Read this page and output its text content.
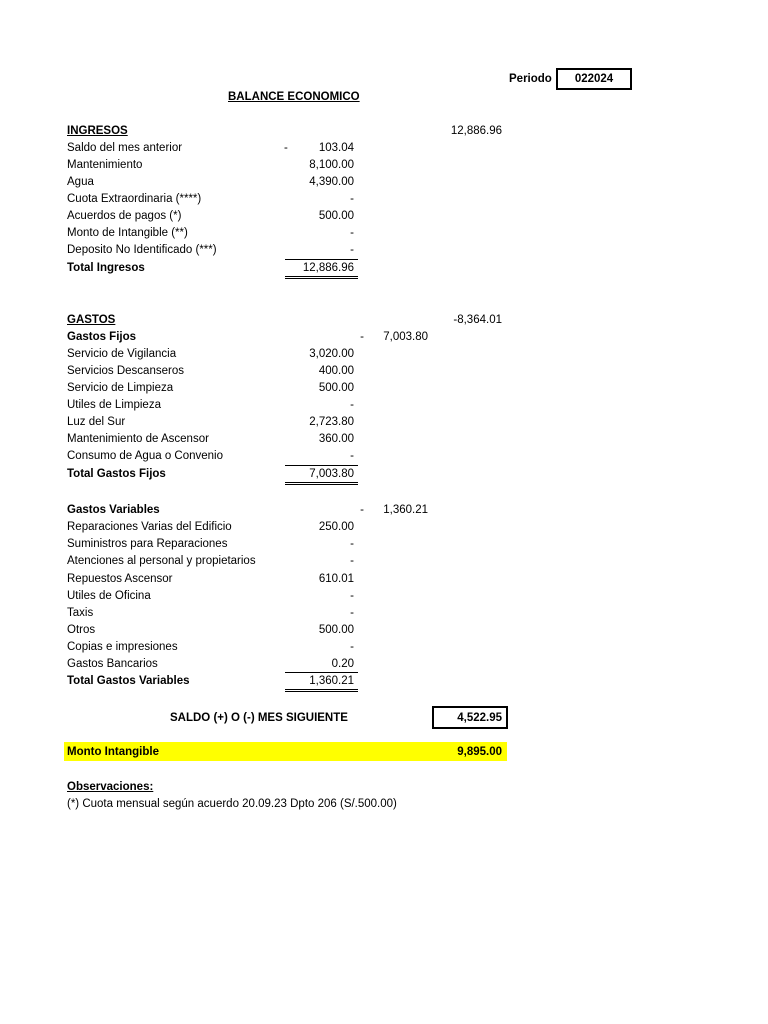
Periodo	022024
BALANCE ECONOMICO
INGRESOS	12,886.96
Saldo del mes anterior	-	103.04
Mantenimiento	8,100.00
Agua	4,390.00
Cuota Extraordinaria (****)	-
Acuerdos de pagos (*)	500.00
Monto de Intangible (**)	-
Deposito No Identificado (***)	-
Total Ingresos	12,886.96
GASTOS	-8,364.01
Gastos Fijos	-	7,003.80
Servicio de Vigilancia	3,020.00
Servicios Descanseros	400.00
Servicio de Limpieza	500.00
Utiles de Limpieza	-
Luz del Sur	2,723.80
Mantenimiento de Ascensor	360.00
Consumo de Agua o Convenio	-
Total Gastos Fijos	7,003.80
Gastos Variables	-	1,360.21
Reparaciones Varias del Edificio	250.00
Suministros para Reparaciones	-
Atenciones al personal y propietarios	-
Repuestos Ascensor	610.01
Utiles de Oficina	-
Taxis	-
Otros	500.00
Copias e impresiones	-
Gastos Bancarios	0.20
Total Gastos Variables	1,360.21
SALDO (+) O (-) MES SIGUIENTE	4,522.95
Monto Intangible	9,895.00
Observaciones:
(*) Cuota mensual según acuerdo 20.09.23 Dpto 206 (S/.500.00)
